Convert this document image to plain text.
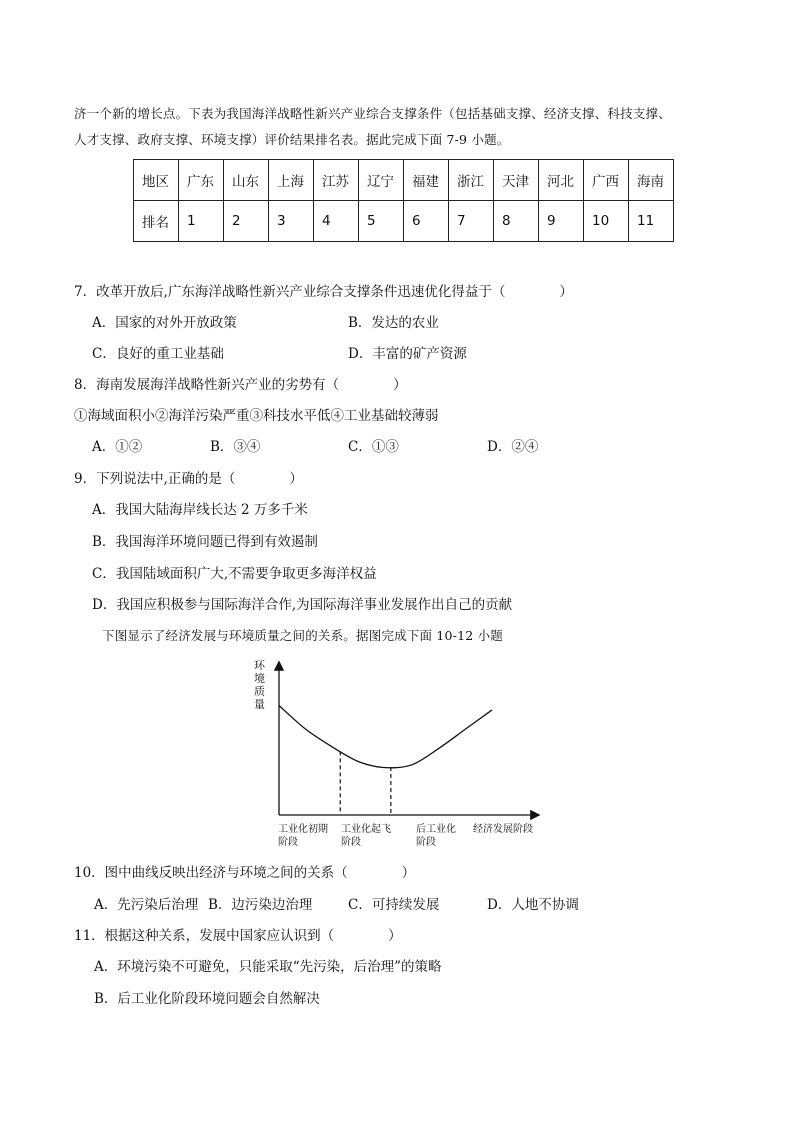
济一个新的增长点。下表为我国海洋战略性新兴产业综合支撑条件（包括基础支撑、经济支撑、科技支撑、
人才支撑、政府支撑、环境支撑）评价结果排名表。据此完成下面 7-9 小题。
地区	广东	山东	上海	江苏	辽宁	福建	浙江	天津	河北	广西	海南
排名	1	2	3	4	5	6	7	8	9	10	11
7．改革开放后,广东海洋战略性新兴产业综合支撑条件迅速优化得益于（　　　　）
A．国家的对外开放政策	B．发达的农业
C．良好的重工业基础	D．丰富的矿产资源
8．海南发展海洋战略性新兴产业的劣势有（　　　　）
①海域面积小②海洋污染严重③科技水平低④工业基础较薄弱
A．①②	B．③④	C．①③	D．②④
9．下列说法中,正确的是（　　　　）
A．我国大陆海岸线长达 2 万多千米
B．我国海洋环境问题已得到有效遏制
C．我国陆域面积广大,不需要争取更多海洋权益
D．我国应积极参与国际海洋合作,为国际海洋事业发展作出自己的贡献
下图显示了经济发展与环境质量之间的关系。据图完成下面 10-12 小题
环 境 质 量
工业化初期
阶段
工业化起飞
阶段
后工业化
阶段
经济发展阶段
10．图中曲线反映出经济与环境之间的关系（　　　　）
A．先污染后治理 B．边污染边治理	C．可持续发展	D．人地不协调
11．根据这种关系，发展中国家应认识到（　　　　）
A．环境污染不可避免，只能采取“先污染，后治理”的策略
B．后工业化阶段环境问题会自然解决
